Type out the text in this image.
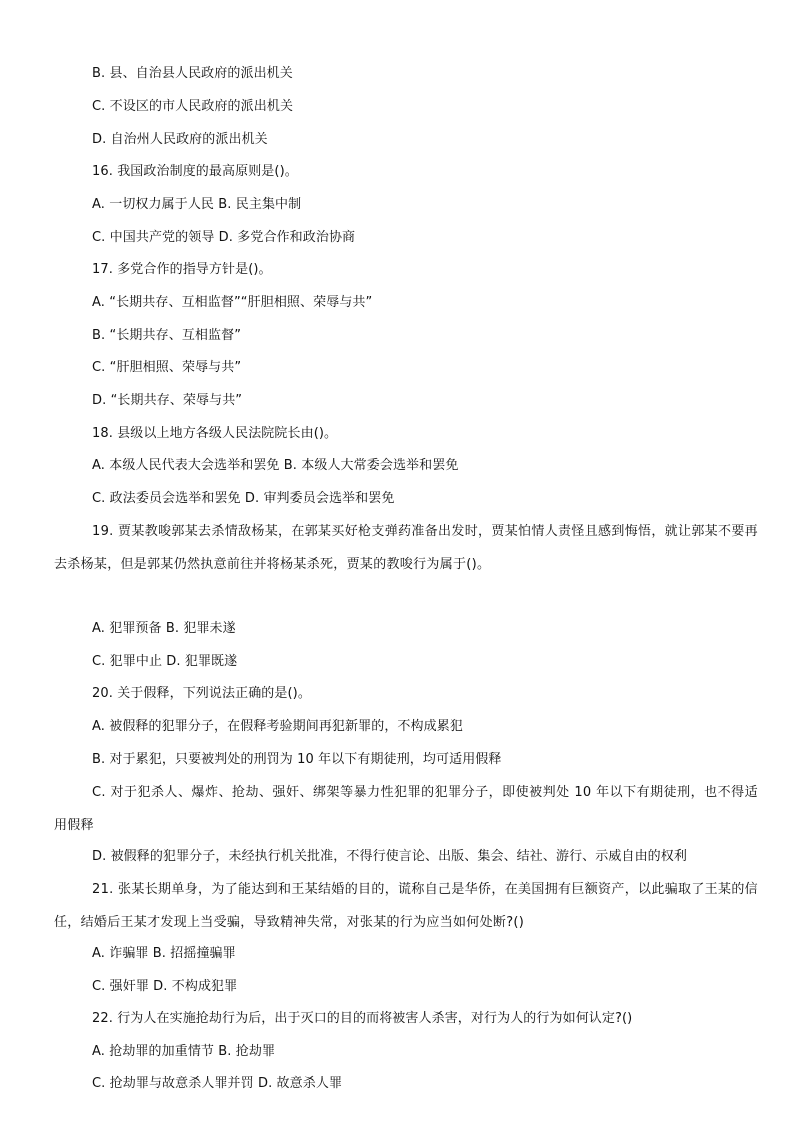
B. 县、自治县人民政府的派出机关
C. 不设区的市人民政府的派出机关
D. 自治州人民政府的派出机关
16. 我国政治制度的最高原则是()。
A. 一切权力属于人民 B. 民主集中制
C. 中国共产党的领导 D. 多党合作和政治协商
17. 多党合作的指导方针是()。
A. “长期共存、互相监督”“肝胆相照、荣辱与共”
B. “长期共存、互相监督”
C. “肝胆相照、荣辱与共”
D. “长期共存、荣辱与共”
18. 县级以上地方各级人民法院院长由()。
A. 本级人民代表大会选举和罢免 B. 本级人大常委会选举和罢免
C. 政法委员会选举和罢免 D. 审判委员会选举和罢免
19. 贾某教唆郭某去杀情敌杨某，在郭某买好枪支弹药准备出发时，贾某怕情人责怪且感到悔悟，就让郭某不要再去杀杨某，但是郭某仍然执意前往并将杨某杀死，贾某的教唆行为属于()。
A. 犯罪预备 B. 犯罪未遂
C. 犯罪中止 D. 犯罪既遂
20. 关于假释，下列说法正确的是()。
A. 被假释的犯罪分子，在假释考验期间再犯新罪的，不构成累犯
B. 对于累犯，只要被判处的刑罚为 10 年以下有期徒刑，均可适用假释
C. 对于犯杀人、爆炸、抢劫、强奸、绑架等暴力性犯罪的犯罪分子，即使被判处 10 年以下有期徒刑，也不得适用假释
D. 被假释的犯罪分子，未经执行机关批准，不得行使言论、出版、集会、结社、游行、示威自由的权利
21. 张某长期单身，为了能达到和王某结婚的目的，谎称自己是华侨，在美国拥有巨额资产，以此骗取了王某的信任，结婚后王某才发现上当受骗，导致精神失常，对张某的行为应当如何处断?()
A. 诈骗罪 B. 招摇撞骗罪
C. 强奸罪 D. 不构成犯罪
22. 行为人在实施抢劫行为后，出于灭口的目的而将被害人杀害，对行为人的行为如何认定?()
A. 抢劫罪的加重情节 B. 抢劫罪
C. 抢劫罪与故意杀人罪并罚 D. 故意杀人罪
